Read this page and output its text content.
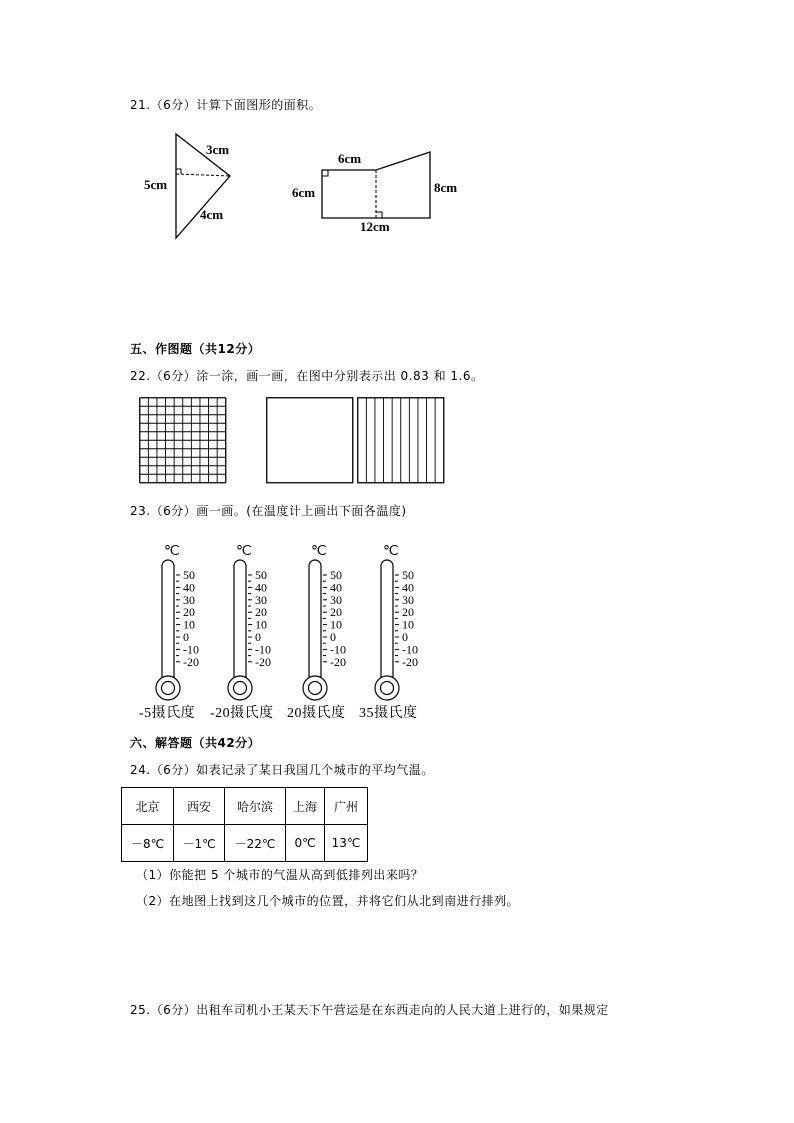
21.（6分）计算下面图形的面积。
3cm
5cm
4cm
6cm
6cm	8cm
12cm
五、作图题（共12分）
22.（6分）涂一涂，画一画，在图中分别表示出 0.83 和 1.6。
23.（6分）画一画。(在温度计上画出下面各温度)
℃
50
40
30
20
10
0
-10
-20
℃
50
40
30
20
10
0
-10
-20
℃
50
40
30
20
10
0
-10
-20
℃
50
40
30
20
10
0
-10
-20
-5摄氏度 -20摄氏度 20摄氏度 35摄氏度
六、解答题（共42分）
24.（6分）如表记录了某日我国几个城市的平均气温。
北京	西安	哈尔滨	上海	广州
－8℃	－1℃	－22℃	0℃	13℃
（1）你能把 5 个城市的气温从高到低排列出来吗？
（2）在地图上找到这几个城市的位置，并将它们从北到南进行排列。
25.（6分）出租车司机小王某天下午营运是在东西走向的人民大道上进行的，如果规定
